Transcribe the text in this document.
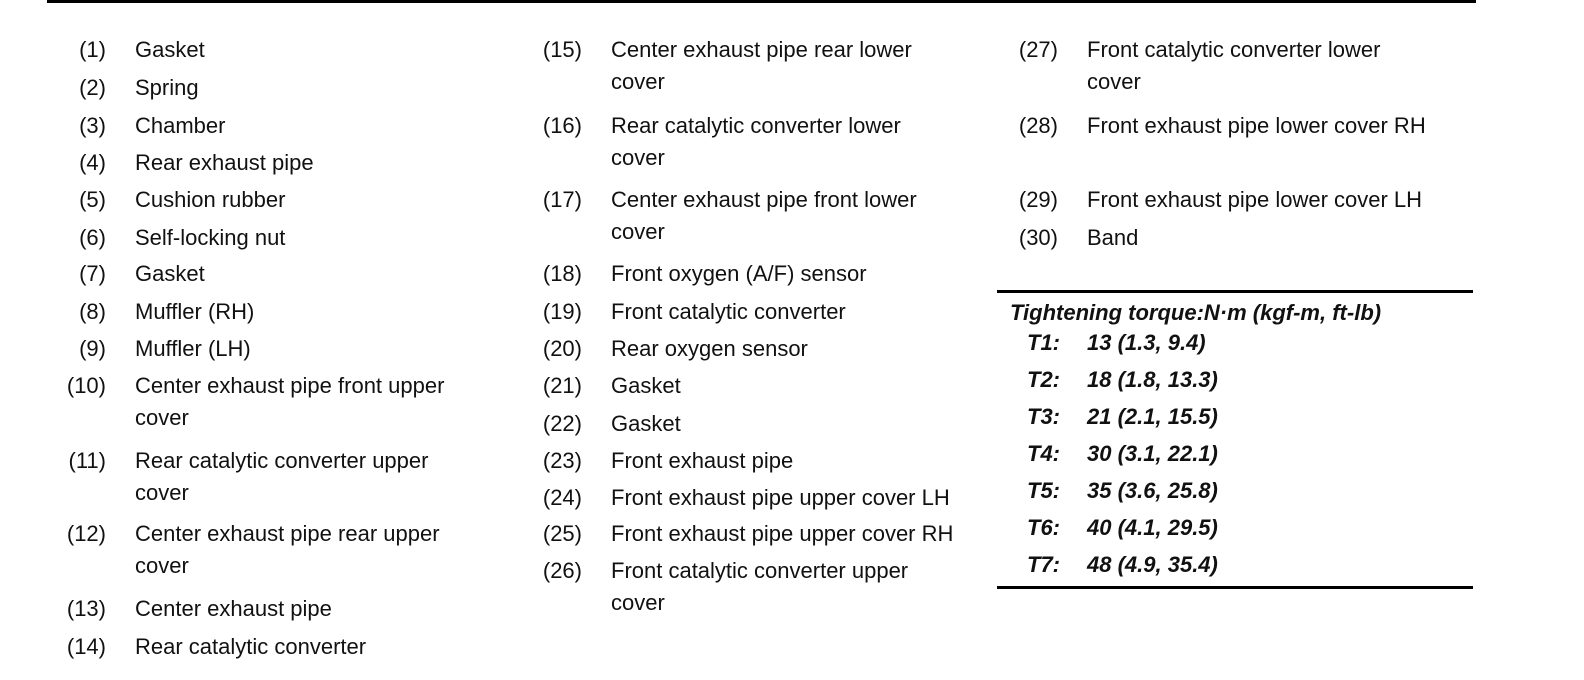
(1) Gasket
(2) Spring
(3) Chamber
(4) Rear exhaust pipe
(5) Cushion rubber
(6) Self-locking nut
(7) Gasket
(8) Muffler (RH)
(9) Muffler (LH)
(10) Center exhaust pipe front upper
cover
(11) Rear catalytic converter upper
cover
(12) Center exhaust pipe rear upper
cover
(13) Center exhaust pipe
(14) Rear catalytic converter
(15) Center exhaust pipe rear lower
cover
(16) Rear catalytic converter lower
cover
(17) Center exhaust pipe front lower
cover
(18) Front oxygen (A/F) sensor
(19) Front catalytic converter
(20) Rear oxygen sensor
(21) Gasket
(22) Gasket
(23) Front exhaust pipe
(24) Front exhaust pipe upper cover LH
(25) Front exhaust pipe upper cover RH
(26) Front catalytic converter upper
cover
(27) Front catalytic converter lower
cover
(28) Front exhaust pipe lower cover RH
(29) Front exhaust pipe lower cover LH
(30) Band
Tightening torque:N·m (kgf-m, ft-lb)
T1: 13 (1.3, 9.4)
T2: 18 (1.8, 13.3)
T3: 21 (2.1, 15.5)
T4: 30 (3.1, 22.1)
T5: 35 (3.6, 25.8)
T6: 40 (4.1, 29.5)
T7: 48 (4.9, 35.4)
